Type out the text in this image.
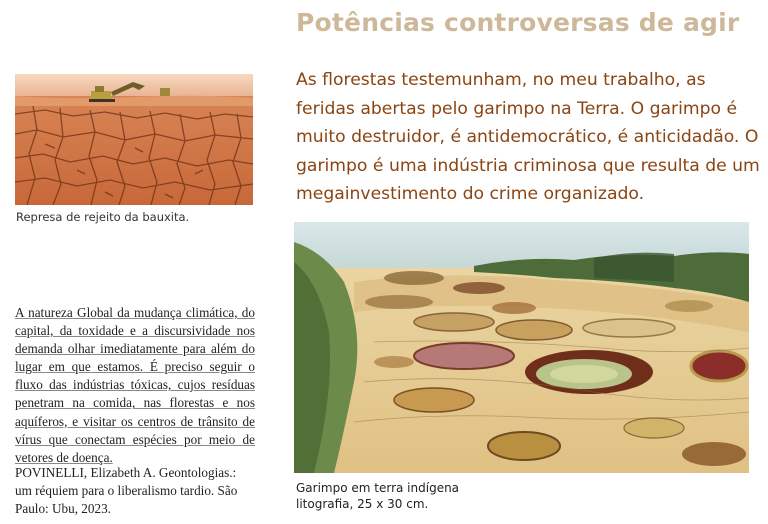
Potências controversas de agir

As florestas testemunham, no meu trabalho, as feridas abertas pelo garimpo na Terra. O garimpo é muito destruidor, é antidemocrático, é anticidadão. O garimpo é uma indústria criminosa que resulta de um megainvestimento do crime organizado.

Represa de rejeito da bauxita.

A natureza Global da mudança climática, do capital, da toxidade e a discursividade nos demanda olhar imediatamente para além do lugar em que estamos. É preciso seguir o fluxo das indústrias tóxicas, cujos resíduas penetram na comida, nas florestas e nos aquíferos, e visitar os centros de trânsito de vírus que conectam espécies por meio de vetores de doença.

POVINELLI, Elizabeth A. Geontologias.: um réquiem para o liberalismo tardio. São Paulo: Ubu, 2023.

Garimpo em terra indígena
litografia, 25 x 30 cm.
